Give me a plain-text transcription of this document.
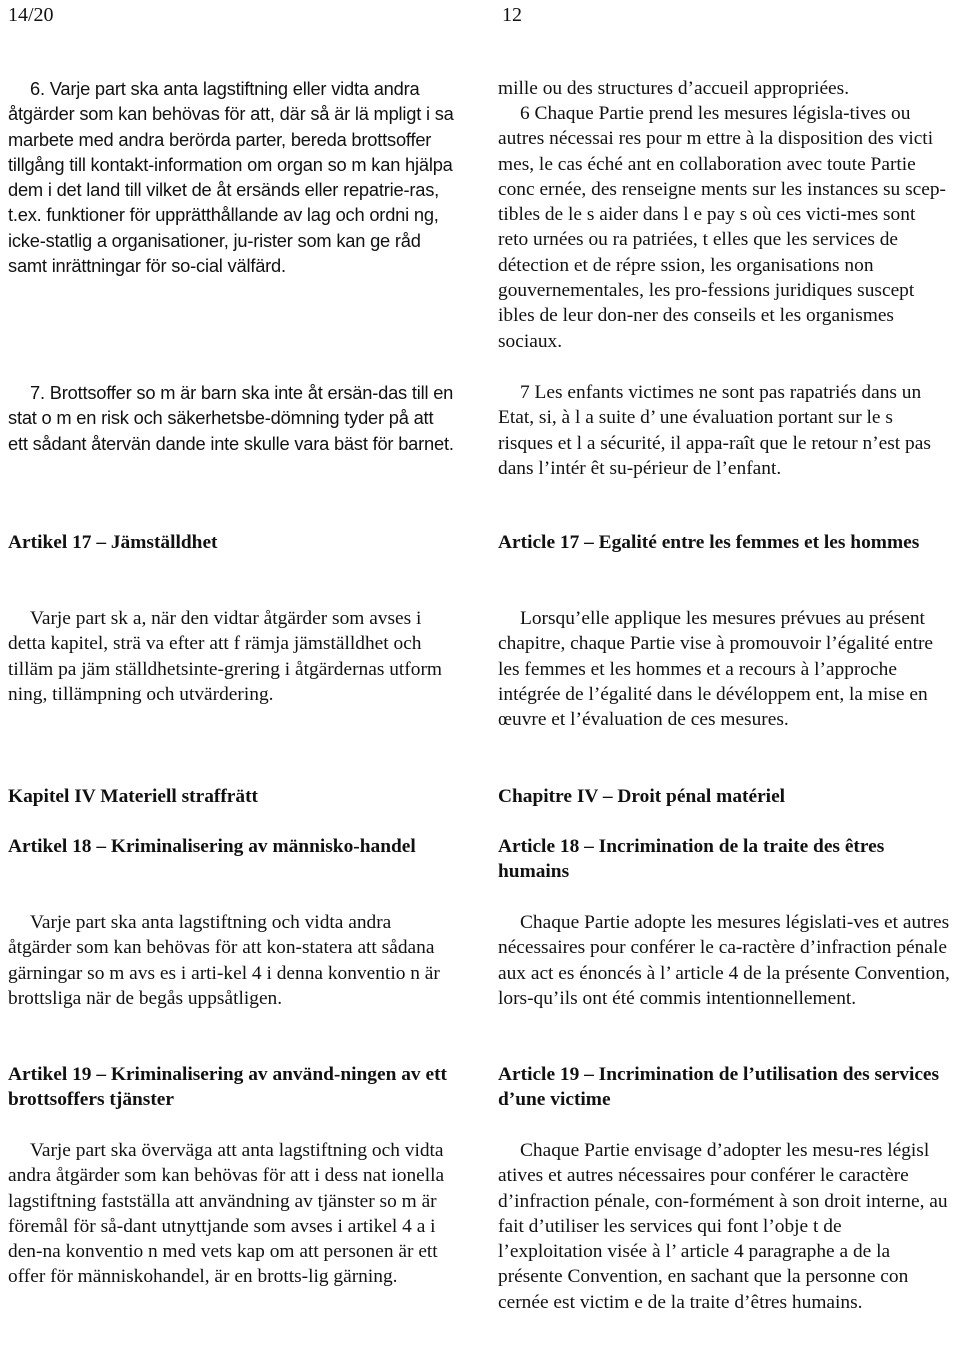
14/20	12

6. Varje part ska anta lagstiftning eller vidta andra åtgärder som kan behövas för att, där så är lä mpligt i sa marbete med andra berörda parter, bereda brottsoffer tillgång till kontakt-information om organ so m kan hjälpa dem i det land till vilket de åt ersänds eller repatrie-ras, t.ex. funktioner för upprätthållande av lag och ordni ng, icke-statlig a organisationer, ju-rister som kan ge råd samt inrättningar för so-cial välfärd.

7. Brottsoffer so m är barn ska inte åt ersän-das till en stat o m en risk och säkerhetsbe-dömning tyder på att ett sådant återvän dande inte skulle vara bäst för barnet.

Artikel 17 – Jämställdhet

Varje part sk a, när den vidtar åtgärder som avses i detta kapitel, strä va efter att f rämja jämställdhet och tilläm pa jäm ställdhetsinte-grering i åtgärdernas utform ning, tillämpning och utvärdering.

Kapitel IV Materiell straffrätt

Artikel 18 – Kriminalisering av människo-handel

Varje part ska anta lagstiftning och vidta andra åtgärder som kan behövas för att kon-statera att sådana gärningar so m avs es i arti-kel 4 i denna konventio n är brottsliga när de begås uppsåtligen.

Artikel 19 – Kriminalisering av använd-ningen av ett brottsoffers tjänster

Varje part ska överväga att anta lagstiftning och vidta andra åtgärder som kan behövas för att i dess nat ionella lagstiftning fastställa att användning av tjänster so m är föremål för så-dant utnyttjande som avses i artikel 4 a i den-na konventio n med vets kap om att personen är ett offer för människohandel, är en brotts-lig gärning.

mille ou des structures d’accueil appropriées.

6 Chaque Partie prend les mesures législa-tives ou autres nécessai res pour m ettre à la disposition des victi mes, le cas éché ant en collaboration avec toute Partie conc ernée, des renseigne ments sur les instances su scep-tibles de le s aider dans l e pay s où ces victi-mes sont reto urnées ou ra patriées, t elles que les services de détection et de répre ssion, les organisations non gouvernementales, les pro-fessions juridiques suscept ibles de leur don-ner des conseils et les organismes sociaux.

7 Les enfants victimes ne sont pas rapatriés dans un Etat, si, à l a suite d’ une évaluation portant sur le s risques et l a sécurité, il appa-raît que le retour n’est pas dans l’intér êt su-périeur de l’enfant.

Article 17 – Egalité entre les femmes et les hommes

Lorsqu’elle applique les mesures prévues au présent chapitre, chaque Partie vise à promouvoir l’égalité entre les femmes et les hommes et a recours à l’approche intégrée de l’égalité dans le dévéloppem ent, la mise en œuvre et l’évaluation de ces mesures.

Chapitre IV – Droit pénal matériel

Article 18 – Incrimination de la traite des êtres humains

Chaque Partie adopte les mesures législati-ves et autres nécessaires pour conférer le ca-ractère d’infraction pénale aux act es énoncés à l’ article 4 de la présente Convention, lors-qu’ils ont été commis intentionnellement.

Article 19 – Incrimination de l’utilisation des services d’une victime

Chaque Partie envisage d’adopter les mesu-res législ atives et autres nécessaires pour conférer le caractère d’infraction pénale, con-formément à son droit interne, au fait d’utiliser les services qui font l’obje t de l’exploitation visée à l’ article 4 paragraphe a de la présente Convention, en sachant que la personne con cernée est victim e de la traite d’êtres humains.
